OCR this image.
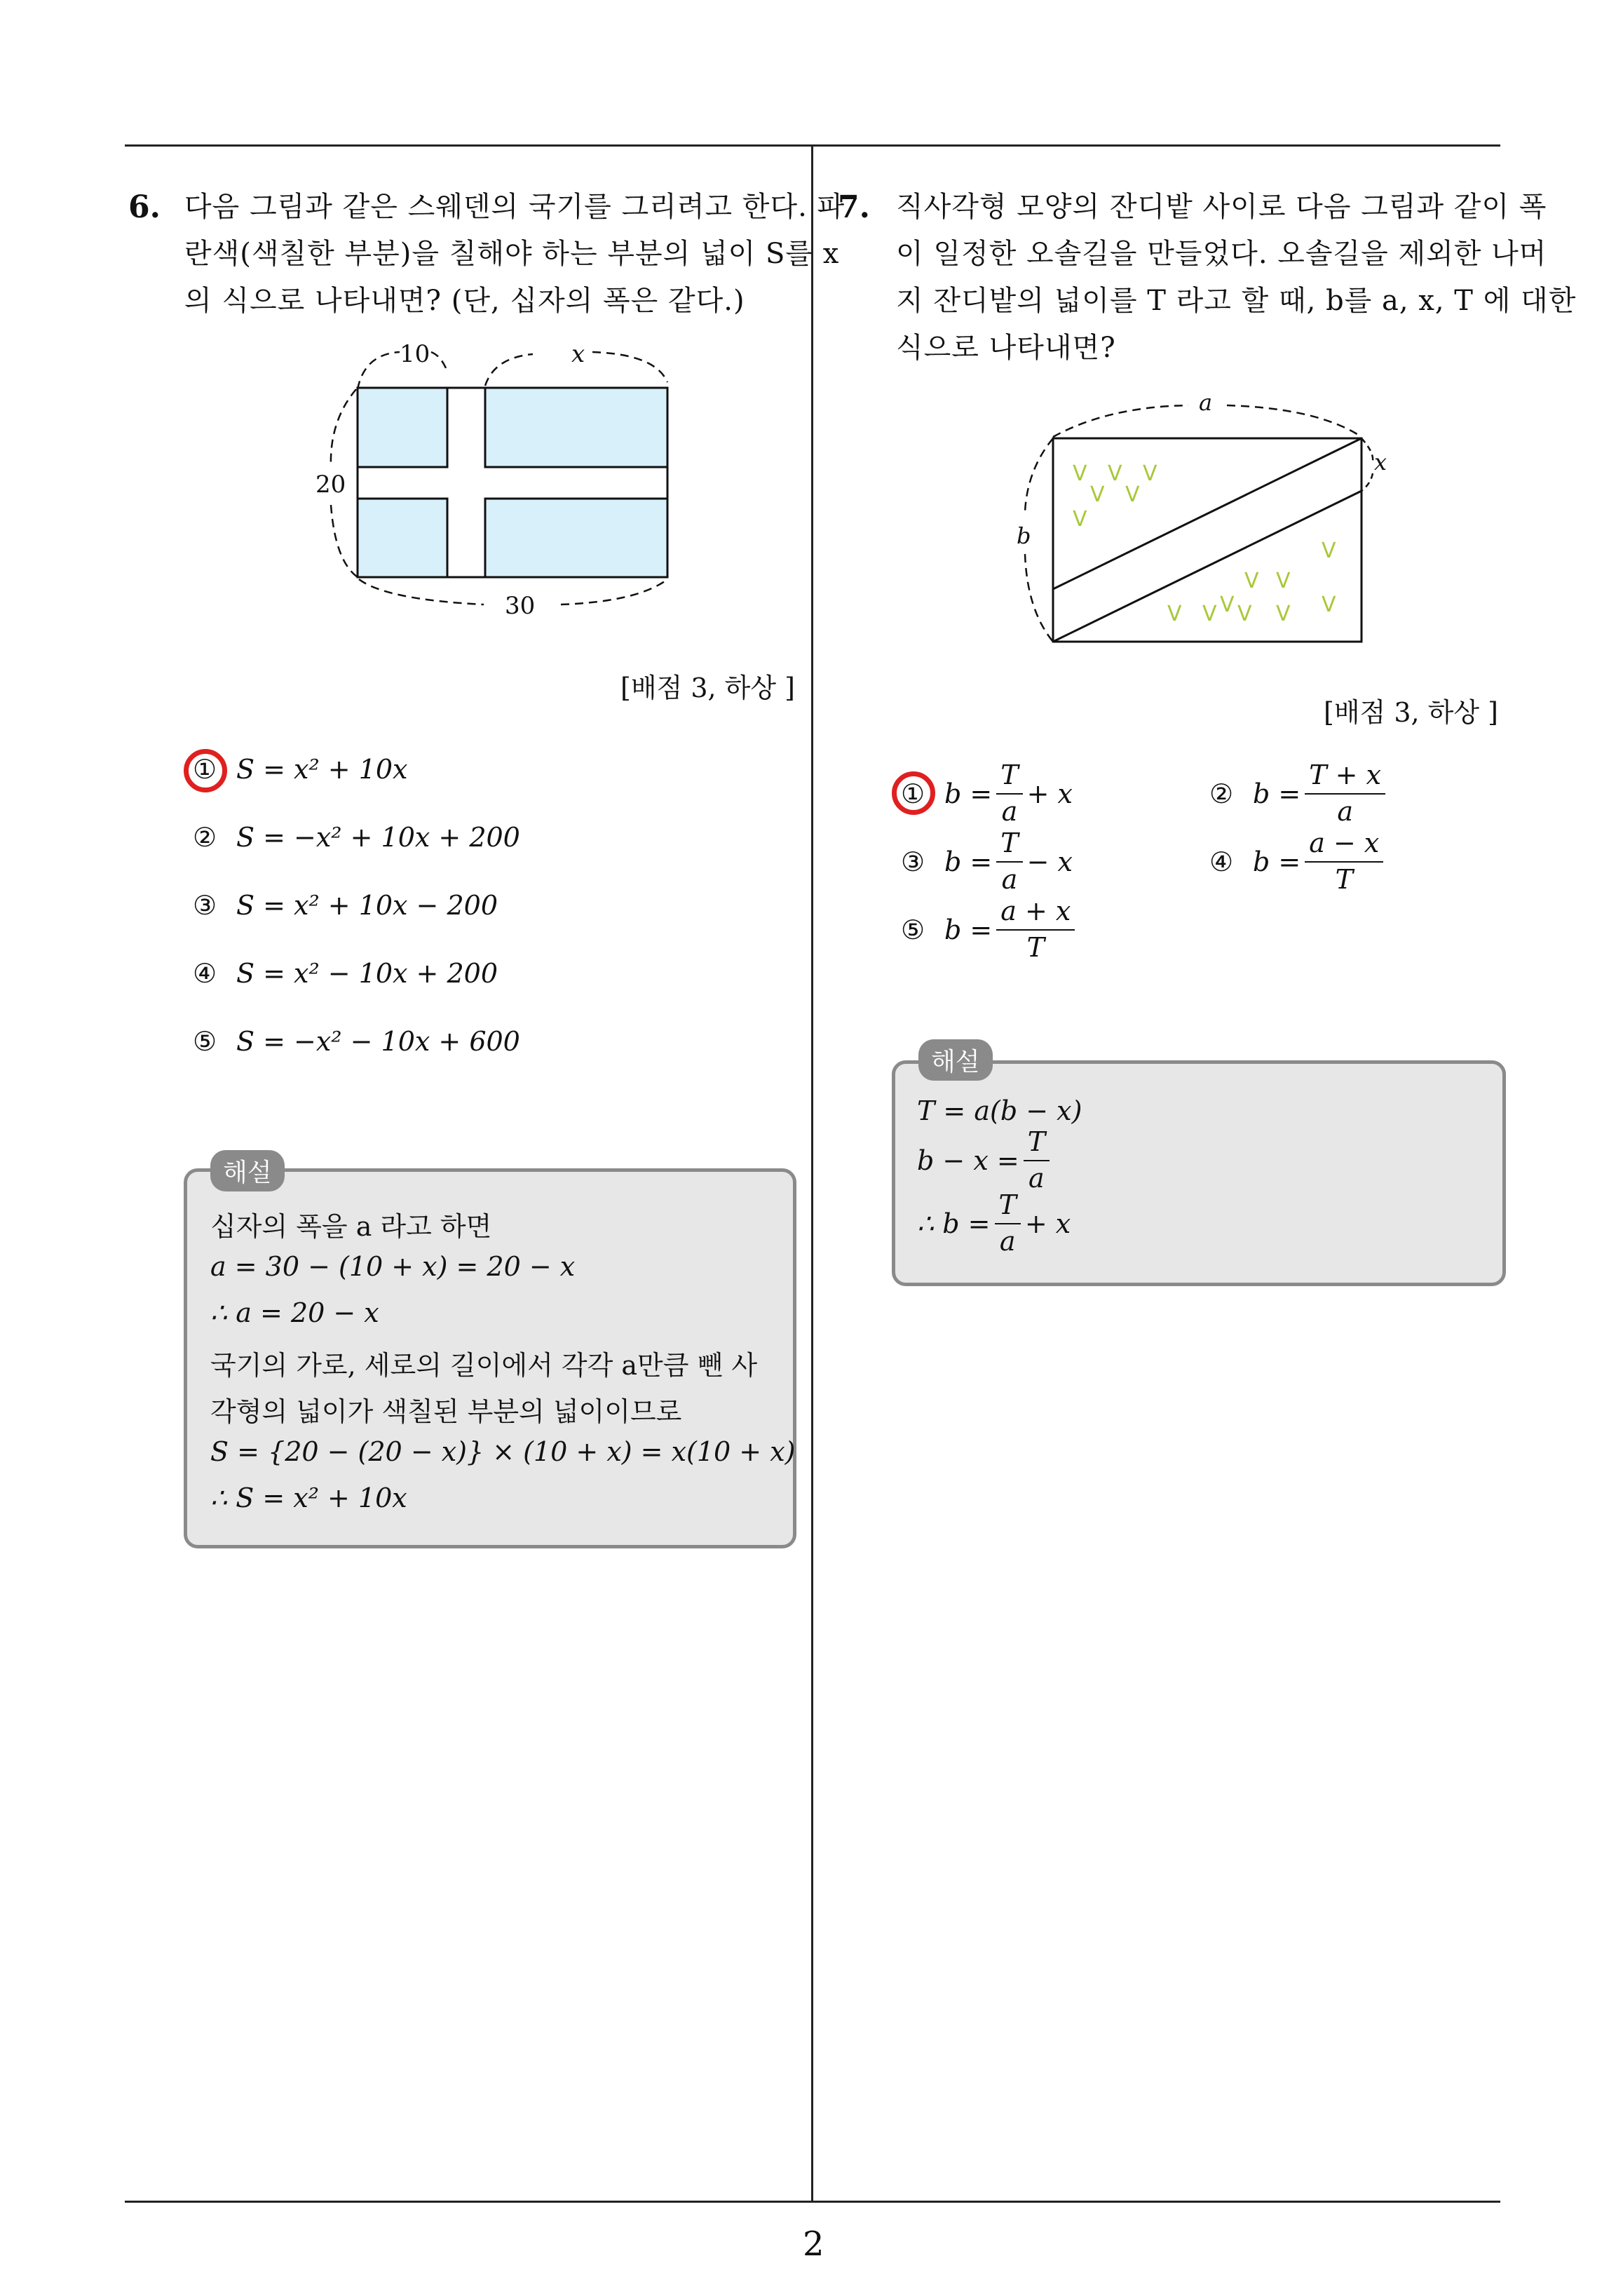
6. 다음 그림과 같은 스웨덴의 국기를 그리려고 한다. 파
란색(색칠한 부분)을 칠해야 하는 부분의 넓이 S를 x
의 식으로 나타내면? (단, 십자의 폭은 같다.)
10	x
20
30
[배점 3, 하상 ]
① S = x² + 10x
② S = −x² + 10x + 200
③ S = x² + 10x − 200
④ S = x² − 10x + 200
⑤ S = −x² − 10x + 600
해설
십자의 폭을 a 라고 하면
a = 30 − (10 + x) = 20 − x
∴ a = 20 − x
국기의 가로, 세로의 길이에서 각각 a만큼 뺀 사
각형의 넓이가 색칠된 부분의 넓이이므로
S = {20 − (20 − x)} × (10 + x) = x(10 + x)
∴ S = x² + 10x
7. 직사각형 모양의 잔디밭 사이로 다음 그림과 같이 폭
이 일정한 오솔길을 만들었다. 오솔길을 제외한 나머
지 잔디밭의 넓이를 T 라고 할 때, b를 a, x, T 에 대한
식으로 나타내면?
a
b
x
V V V
V V
V
V
V V
V	V
V V V V
[배점 3, 하상 ]
① $b = \frac{T}{a} + x$	② $b = \frac{T + x}{a}$
③ $b = \frac{T}{a} - x$	④ $b = \frac{a - x}{T}$
⑤ $b = \frac{a + x}{T}$
해설
T = a(b − x)
$b - x = \frac{T}{a}$
∴ $b = \frac{T}{a} + x$
2
